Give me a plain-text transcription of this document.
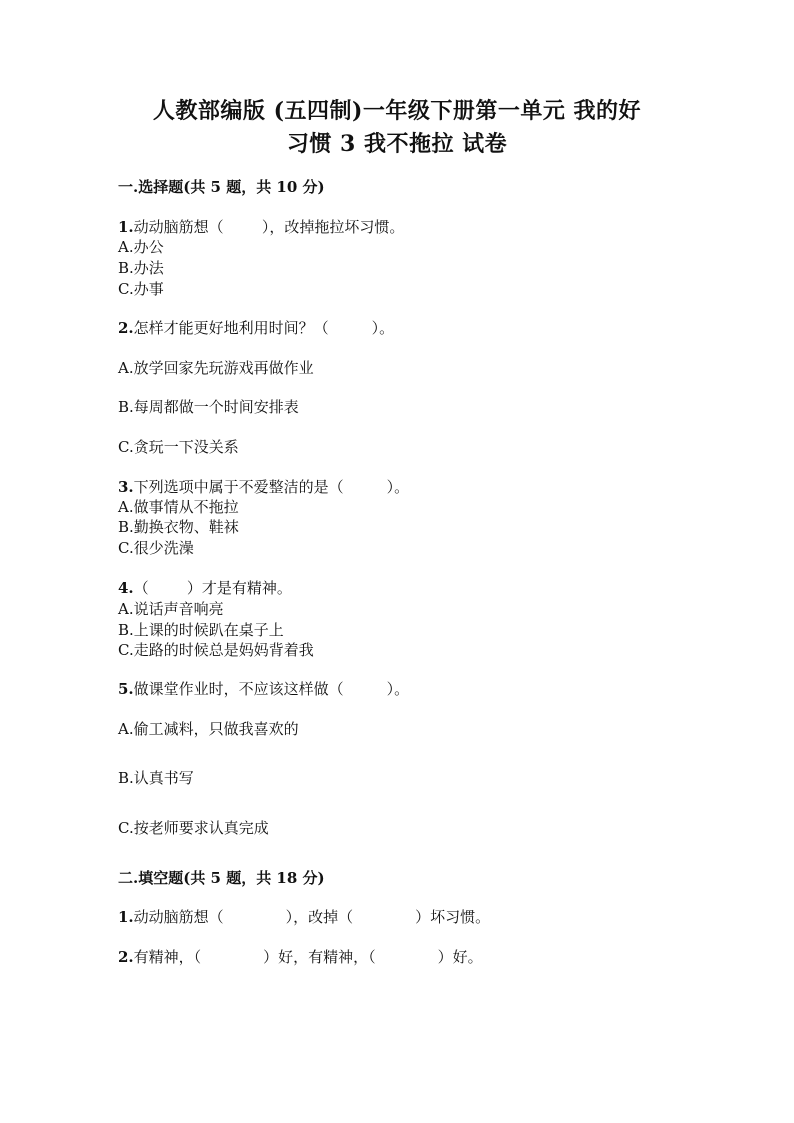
人教部编版 (五四制)一年级下册第一单元 我的好
习惯 3 我不拖拉 试卷
一.选择题(共 5 题，共 10 分)
1.动动脑筋想（        ），改掉拖拉坏习惯。
A.办公
B.办法
C.办事
2.怎样才能更好地利用时间？（         ）。
A.放学回家先玩游戏再做作业
B.每周都做一个时间安排表
C.贪玩一下没关系
3.下列选项中属于不爱整洁的是（         ）。
A.做事情从不拖拉
B.勤换衣物、鞋袜
C.很少洗澡
4.（        ）才是有精神。
A.说话声音响亮
B.上课的时候趴在桌子上
C.走路的时候总是妈妈背着我
5.做课堂作业时，不应该这样做（         ）。
A.偷工减料，只做我喜欢的
B.认真书写
C.按老师要求认真完成
二.填空题(共 5 题，共 18 分)
1.动动脑筋想（             ），改掉（             ）坏习惯。
2.有精神，（             ）好，有精神，（             ）好。
